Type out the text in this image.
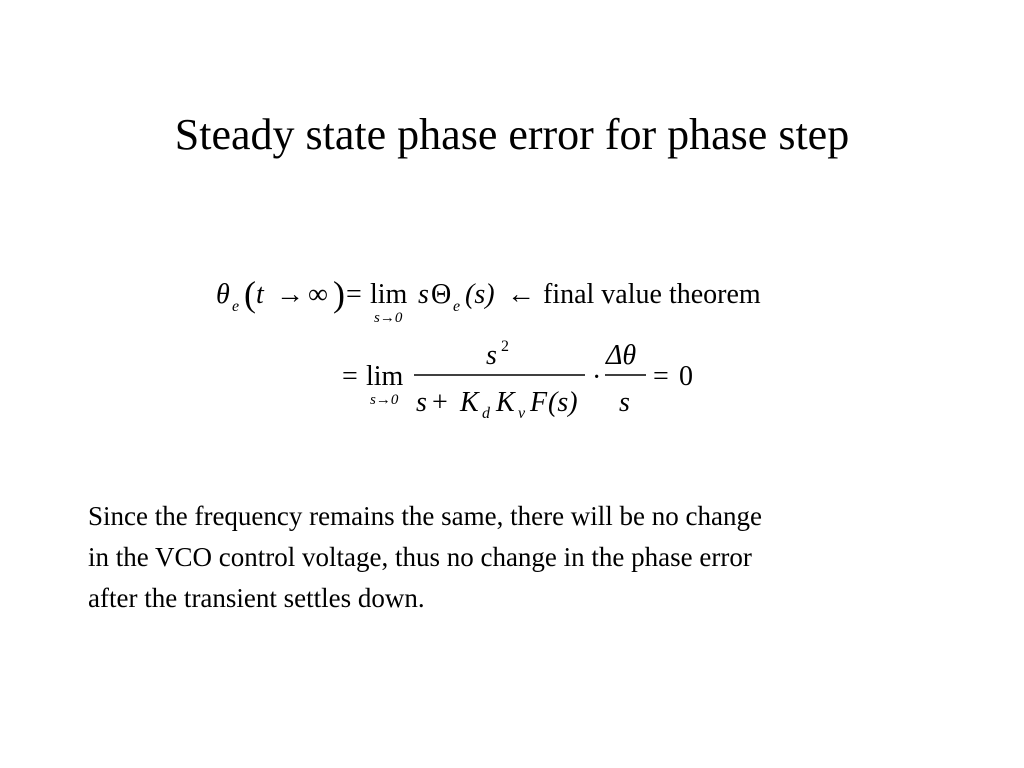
Steady state phase error for phase step
θ e ( t → ∞ ) = lim
s→0
s Θ e (s) ← final value theorem
= lim
s→0
s 2
s + K d K v F (s)
·
Δθ
s
= 0
Since the frequency remains the same, there will be no change
in the VCO control voltage, thus no change in the phase error
after the transient settles down.
